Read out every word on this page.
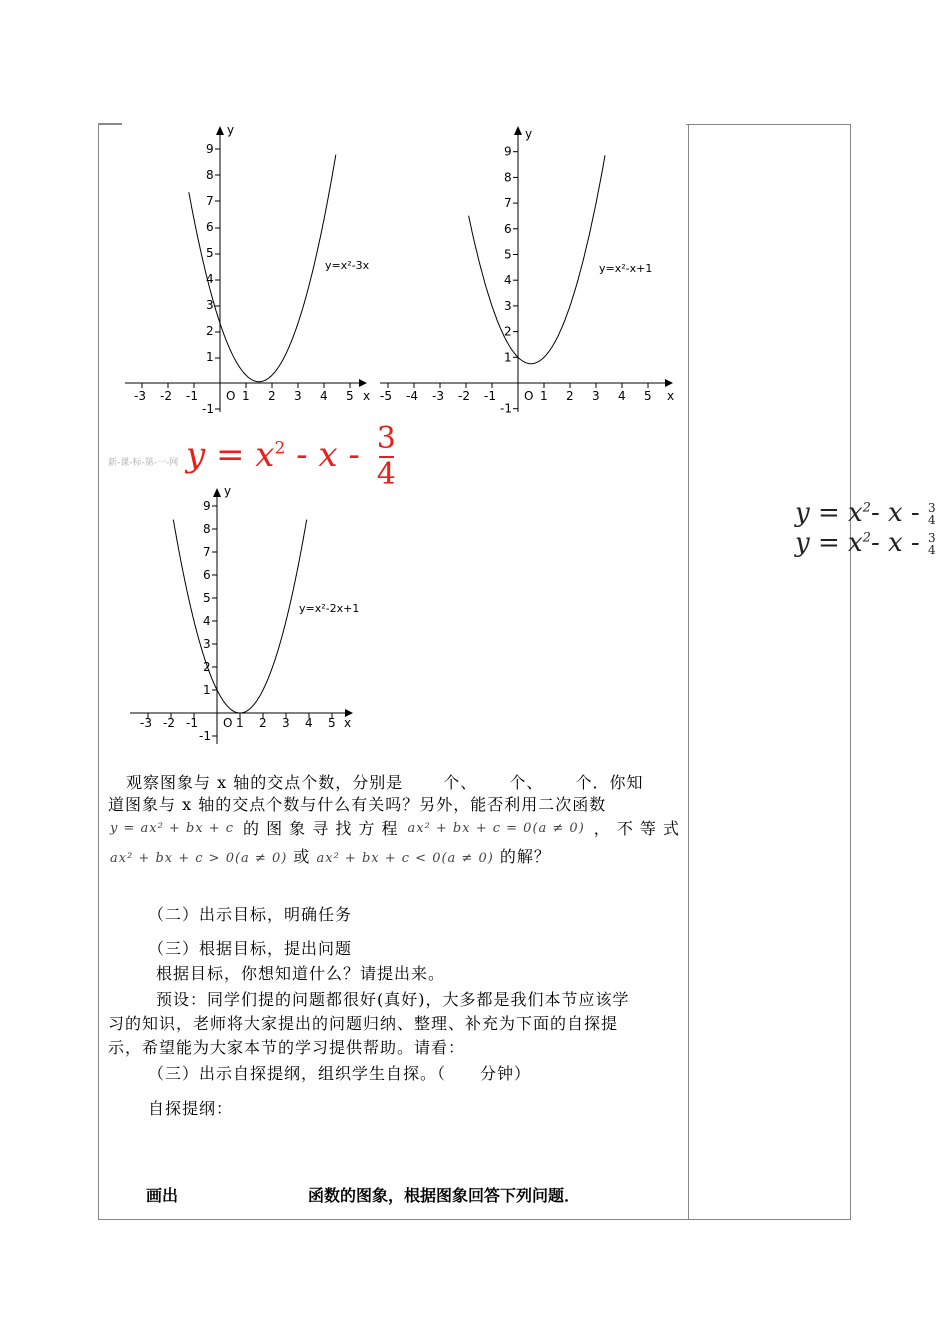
y
x
-3 -2 -1 O 1 2 3 4 5
9
8
7
6
5
4
3
2
1
-1
y=x²-3x
y
x
-5 -4 -3 -2 -1 O 1 2 3 4 5
9
8
7
6
5
4
3
2
1
-1
y=x²-x+1
y
x
-3 -2 -1 O 1 2 3 4 5
9
8
7
6
5
4
3
2
1
-1
y=x²-2x+1
新-课-标-第-一-网 $y = x^2 - x - \frac{3}{4}$
$y = x^2-$ x - 3
4
$y = x^2-$ x - 3
4
观察图象与 x 轴的交点个数，分别是　　 个、　　 个、　　 个．你知
道图象与 x 轴的交点个数与什么有关吗？另外，能否利用二次函数
y = ax² + bx + c 的 图 象 寻 找 方 程 ax² + bx + c = 0(a ≠ 0) ， 不 等 式
ax² + bx + c > 0(a ≠ 0) 或 ax² + bx + c < 0(a ≠ 0) 的解？
（二）出示目标，明确任务
（三）根据目标，提出问题
根据目标，你想知道什么？请提出来。
预设：同学们提的问题都很好(真好)，大多都是我们本节应该学
习的知识，老师将大家提出的问题归纳、整理、补充为下面的自探提
示，希望能为大家本节的学习提供帮助。请看：
（三）出示自探提纲，组织学生自探。（　　分钟）
自探提纲：
画出	函数的图象，根据图象回答下列问题．
